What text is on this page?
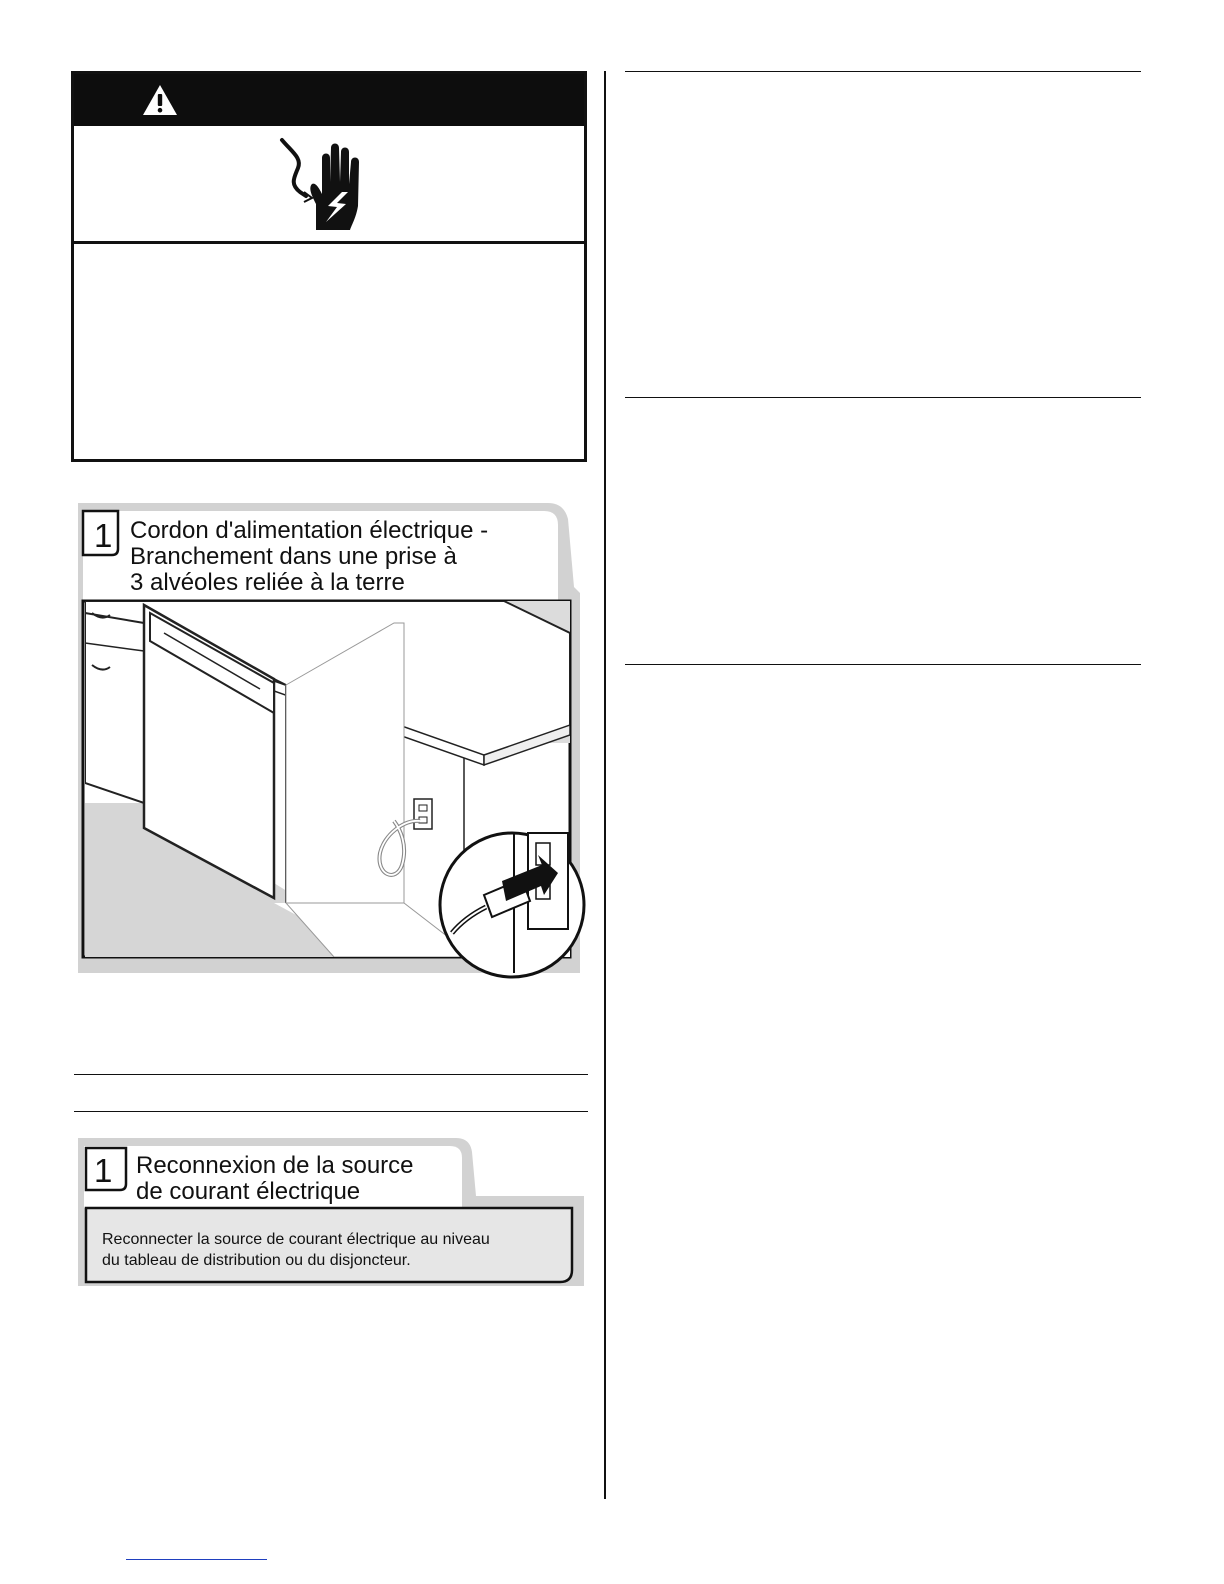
1 Cordon d'alimentation électrique -
Branchement dans une prise à
3 alvéoles reliée à la terre
1 Reconnexion de la source
de courant électrique
Reconnecter la source de courant électrique au niveau
du tableau de distribution ou du disjoncteur.
